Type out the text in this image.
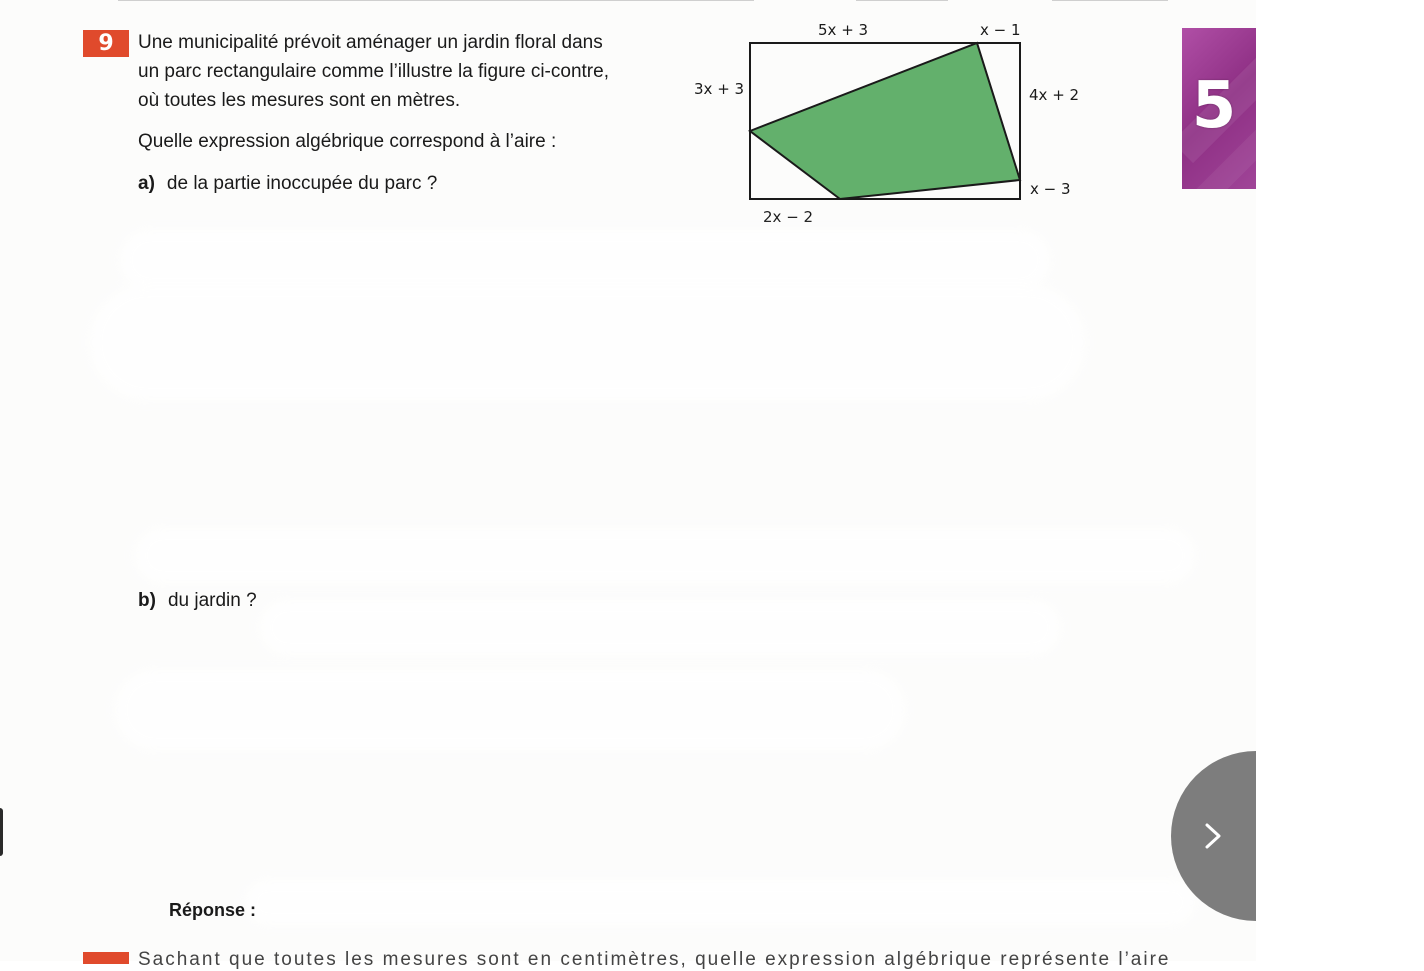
9	Une municipalité prévoit aménager un jardin floral dans
un parc rectangulaire comme l’illustre la figure ci-contre,
où toutes les mesures sont en mètres.
Quelle expression algébrique correspond à l’aire :
a) de la partie inoccupée du parc ?
5x + 3	x − 1
3x + 3	4x + 2
x − 3
2x − 2
5
b) du jardin ?
Réponse :
Sachant que toutes les mesures sont en centimètres, quelle expression algébrique représente l’aire
